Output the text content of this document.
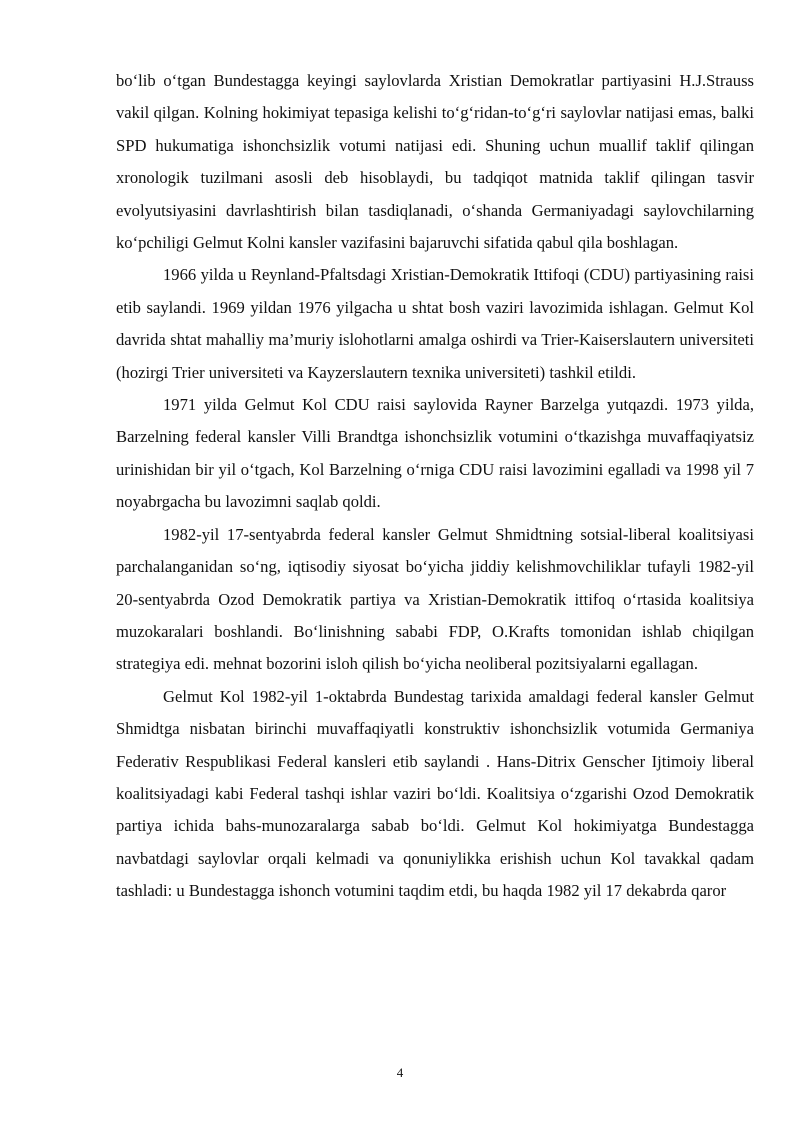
bo‘lib o‘tgan Bundestagga keyingi saylovlarda Xristian Demokratlar partiyasini H.J.Strauss vakil qilgan. Kolning hokimiyat tepasiga kelishi to‘g‘ridan-to‘g‘ri saylovlar natijasi emas, balki SPD hukumatiga ishonchsizlik votumi natijasi edi. Shuning uchun muallif taklif qilingan xronologik tuzilmani asosli deb hisoblaydi, bu tadqiqot matnida taklif qilingan tasvir evolyutsiyasini davrlashtirish bilan tasdiqlanadi, o‘shanda Germaniyadagi saylovchilarning ko‘pchiligi Gelmut Kolni kansler vazifasini bajaruvchi sifatida qabul qila boshlagan.

1966 yilda u Reynland-Pfaltsdagi Xristian-Demokratik Ittifoqi (CDU) partiyasining raisi etib saylandi. 1969 yildan 1976 yilgacha u shtat bosh vaziri lavozimida ishlagan. Gelmut Kol davrida shtat mahalliy ma’muriy islohotlarni amalga oshirdi va Trier-Kaiserslautern universiteti (hozirgi Trier universiteti va Kayzerslautern texnika universiteti) tashkil etildi.

1971 yilda Gelmut Kol CDU raisi saylovida Rayner Barzelga yutqazdi. 1973 yilda, Barzelning federal kansler Villi Brandtga ishonchsizlik votumini o‘tkazishga muvaffaqiyatsiz urinishidan bir yil o‘tgach, Kol Barzelning o‘rniga CDU raisi lavozimini egalladi va 1998 yil 7 noyabrgacha bu lavozimni saqlab qoldi.

1982-yil 17-sentyabrda federal kansler Gelmut Shmidtning sotsial-liberal koalitsiyasi parchalanganidan so‘ng, iqtisodiy siyosat bo‘yicha jiddiy kelishmovchiliklar tufayli 1982-yil 20-sentyabrda Ozod Demokratik partiya va Xristian-Demokratik ittifoq o‘rtasida koalitsiya muzokaralari boshlandi. Bo‘linishning sababi FDP, O.Krafts tomonidan ishlab chiqilgan strategiya edi. mehnat bozorini isloh qilish bo‘yicha neoliberal pozitsiyalarni egallagan.

Gelmut Kol 1982-yil 1-oktabrda Bundestag tarixida amaldagi federal kansler Gelmut Shmidtga nisbatan birinchi muvaffaqiyatli konstruktiv ishonchsizlik votumida Germaniya Federativ Respublikasi Federal kansleri etib saylandi . Hans-Ditrix Genscher Ijtimoiy liberal koalitsiyadagi kabi Federal tashqi ishlar vaziri bo‘ldi. Koalitsiya o‘zgarishi Ozod Demokratik partiya ichida bahs-munozaralarga sabab bo‘ldi. Gelmut Kol hokimiyatga Bundestagga navbatdagi saylovlar orqali kelmadi va qonuniylikka erishish uchun Kol tavakkal qadam tashladi: u Bundestagga ishonch votumini taqdim etdi, bu haqda 1982 yil 17 dekabrda qaror

4
